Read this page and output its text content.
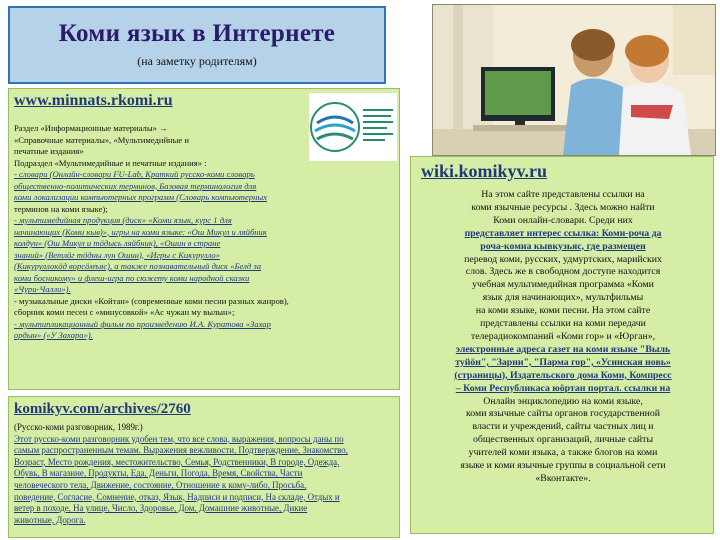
Коми язык в Интернете
(на заметку родителям)
www.minnats.rkomi.ru
Раздел «Информационные материалы» →
«Справочные материалы», «Мультимедийные и
печатные издания»
Подраздел «Мультимедийные и печатные издания» :
- словари (Онлайн-словари FU-Lab, Краткий русско-коми словарь
общественно-политических терминов, Базовая терминология для
коми локализации компьютерных программ (Словарь компьютерных
терминов на коми языке);
- мультимедийная продукция (диск» «Коми язык, курс 1 для
начинающих (Коми кыв)», игры на коми языке: «Ош Микул и ляйбник
колдун» (Ош Микул и тӧдысь ляйбник), «Ошин в стране
знаний» (Ветлӧг тӧдны лун Ошин), «Игры с Кикурулло»
(Кикуруллокӧд ворсӧмъяс), а также познавательный диск «Белд за
коми босникому» и флеш-игра по сюжету коми народной сказки
«Чури-Чалли»).
- музыкальные диски «Койтан» (современные коми песни разных жанров),
сборник коми песен с «минусовкой» «Ас чужан му вылын»;
- мультипликационный фильм по произведению И.А. Куратова «Захар
ордын» («У Захара»).
wiki.komikyv.ru
На этом сайте представлены ссылки на
коми язычные ресурсы . Здесь можно найти
Коми онлайн-словари. Среди них
представляет интерес ссылка: Коми-роча да
роча-комиа кывкузьяс, где размещен
перевод коми, русских, удмуртских, марийских
слов. Здесь же в свободном доступе находится
учебная мультимедийная программа «Коми
язык для начинающих», мультфильмы
на коми языке, коми песни. На этом сайте
представлены ссылки на коми передачи
телерадиокомпаний «Коми гор» и «Юрган»,
электронные адреса газет на коми языке "Выль
туйӧн", "Зарни", "Парма гор", «Усинская новь»
(страницы), Издательского дома Коми, Компресс
– Коми Республикаса юӧртан портал. ссылки на
Онлайн энциклопедию на коми языке,
коми язычные сайты органов государственной
власти и учреждений, сайты частных лиц и
общественных организаций, личные сайты
учителей коми языка, а также блогов на коми
языке и коми язычные группы в социальной сети
«Вконтакте».
komikyv.com/archives/2760
(Русско-коми разговорник, 1989г.)
Этот русско-коми разговорник удобен тем, что все слова, выражения, вопросы даны по
самым распространенным темам. Выражения вежливости, Подтверждение, Знакомство,
Возраст, Место рождения, местожительство, Семья, Родственники, В городе, Одежда,
Обувь, В магазине, Продукты, Еда, Деньги, Погода, Время, Свойства, Части
человеческого тела, Движение, состояние, Отношение к кому-либо, Просьба,
поведение, Согласие, Сомнение, отказ, Язык, Надписи и подписи, На складе, Отдых и
ветер в походе, На улице, Число, Здоровье, Дом, Домашние животные, Дикие
животные, Дорога.
